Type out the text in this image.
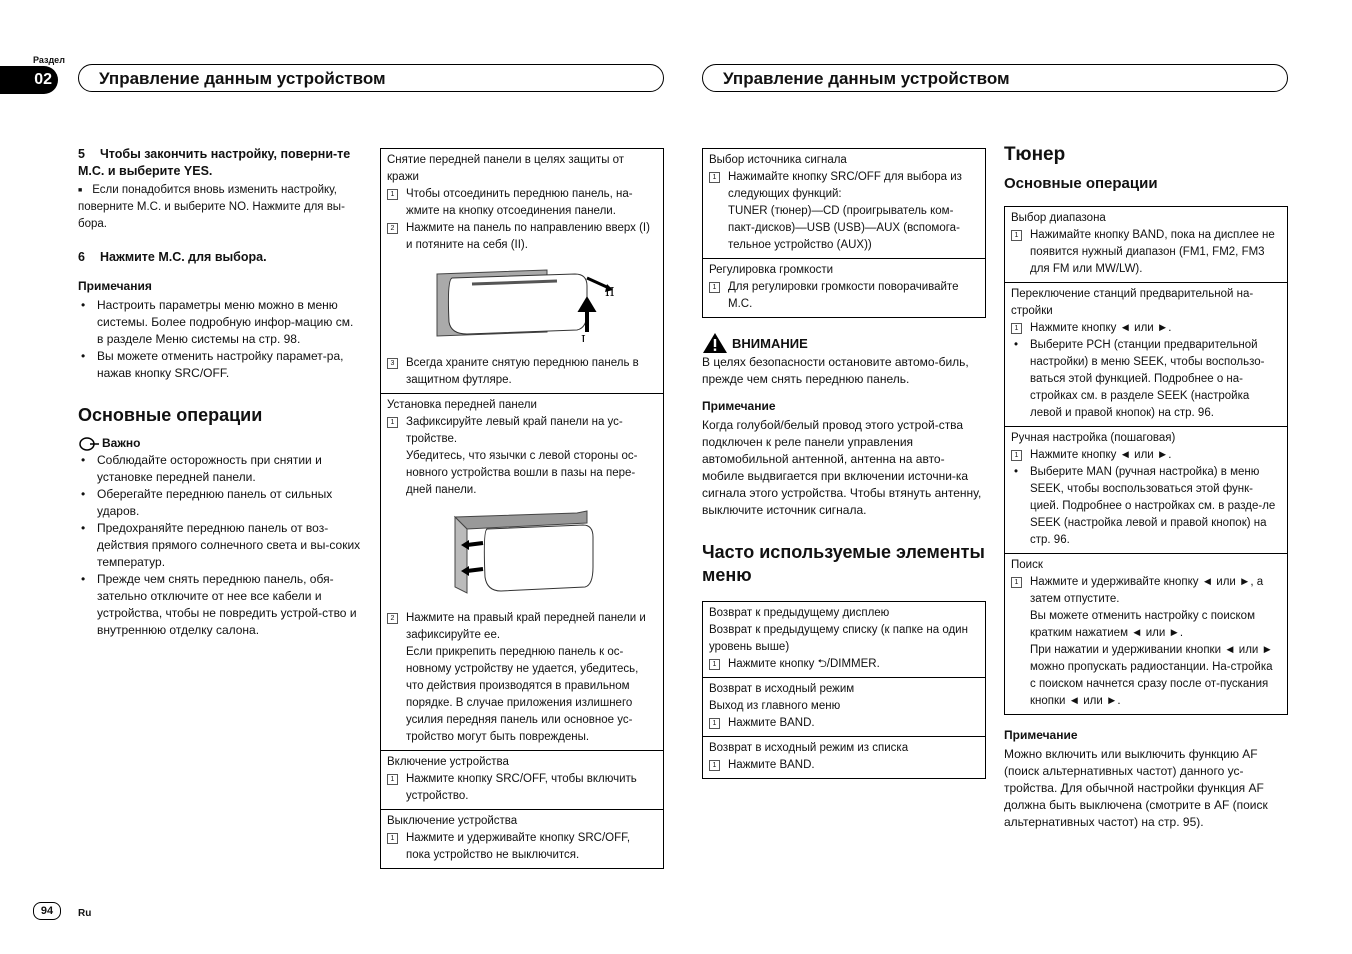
Раздел
02	Управление данным устройством	Управление данным устройством
5 Чтобы закончить настройку, поверни-те M.C. и выберите YES.
■ Если понадобится вновь изменить настройку, поверните M.C. и выберите NO. Нажмите для вы-бора.
6 Нажмите M.C. для выбора.
Примечания
• Настроить параметры меню можно в меню системы. Более подробную инфор-мацию см. в разделе Меню системы на стр. 98.
• Вы можете отменить настройку парамет-ра, нажав кнопку SRC/OFF.
Основные операции
Важно
• Соблюдайте осторожность при снятии и установке передней панели.
• Оберегайте переднюю панель от сильных ударов.
• Предохраняйте переднюю панель от воз-действия прямого солнечного света и вы-соких температур.
• Прежде чем снять переднюю панель, обя-зательно отключите от нее все кабели и устройства, чтобы не повредить устрой-ство и внутреннюю отделку салона.
Снятие передней панели в целях защиты от кражи
1	Чтобы отсоединить переднюю панель, на-жмите на кнопку отсоединения панели.
2	Нажмите на панель по направлению вверх (I) и потяните на себя (II).
II
I
3	Всегда храните снятую переднюю панель в защитном футляре.
Установка передней панели
1	Зафиксируйте левый край панели на ус-тройстве.
Убедитесь, что язычки с левой стороны ос-новного устройства вошли в пазы на пере-дней панели.
2	Нажмите на правый край передней панели и зафиксируйте ее.
Если прикрепить переднюю панель к ос-новному устройству не удается, убедитесь, что действия производятся в правильном порядке. В случае приложения излишнего усилия передняя панель или основное ус-тройство могут быть повреждены.
Включение устройства
1	Нажмите кнопку SRC/OFF, чтобы включить устройство.
Выключение устройства
1	Нажмите и удерживайте кнопку SRC/OFF, пока устройство не выключится.
Выбор источника сигнала
1	Нажимайте кнопку SRC/OFF для выбора из следующих функций:
TUNER (тюнер)—CD (проигрыватель ком-пакт-дисков)—USB (USB)—AUX (вспомога-тельное устройство (AUX))
Регулировка громкости
1	Для регулировки громкости поворачивайте M.C.
ВНИМАНИЕ
В целях безопасности остановите автомо-биль, прежде чем снять переднюю панель.
Примечание
Когда голубой/белый провод этого устрой-ства подключен к реле панели управления автомобильной антенной, антенна на авто-мобиле выдвигается при включении источни-ка сигнала этого устройства. Чтобы втянуть антенну, выключите источник сигнала.
Часто используемые элементы меню
Возврат к предыдущему дисплею
Возврат к предыдущему списку (к папке на один уровень выше)
1	Нажмите кнопку ⮌/DIMMER.
Возврат в исходный режим
Выход из главного меню
1	Нажмите BAND.
Возврат в исходный режим из списка
1	Нажмите BAND.
Тюнер
Основные операции
Выбор диапазона
1	Нажимайте кнопку BAND, пока на дисплее не появится нужный диапазон (FM1, FM2, FM3 для FM или MW/LW).
Переключение станций предварительной на-стройки
1	Нажмите кнопку ◄ или ►.
• Выберите PCH (станции предварительной настройки) в меню SEEK, чтобы воспользо-ваться этой функцией. Подробнее о на-стройках см. в разделе SEEK (настройка левой и правой кнопок) на стр. 96.
Ручная настройка (пошаговая)
1	Нажмите кнопку ◄ или ►.
• Выберите MAN (ручная настройка) в меню SEEK, чтобы воспользоваться этой функ-цией. Подробнее о настройках см. в разде-ле SEEK (настройка левой и правой кнопок) на стр. 96.
Поиск
1	Нажмите и удерживайте кнопку ◄ или ►, а затем отпустите.
Вы можете отменить настройку с поиском кратким нажатием ◄ или ►.
При нажатии и удерживании кнопки ◄ или ► можно пропускать радиостанции. На-стройка с поиском начнется сразу после от-пускания кнопки ◄ или ►.
Примечание
Можно включить или выключить функцию AF (поиск альтернативных частот) данного ус-тройства. Для обычной настройки функция AF должна быть выключена (смотрите в AF (поиск альтернативных частот) на стр. 95).
94	Ru
